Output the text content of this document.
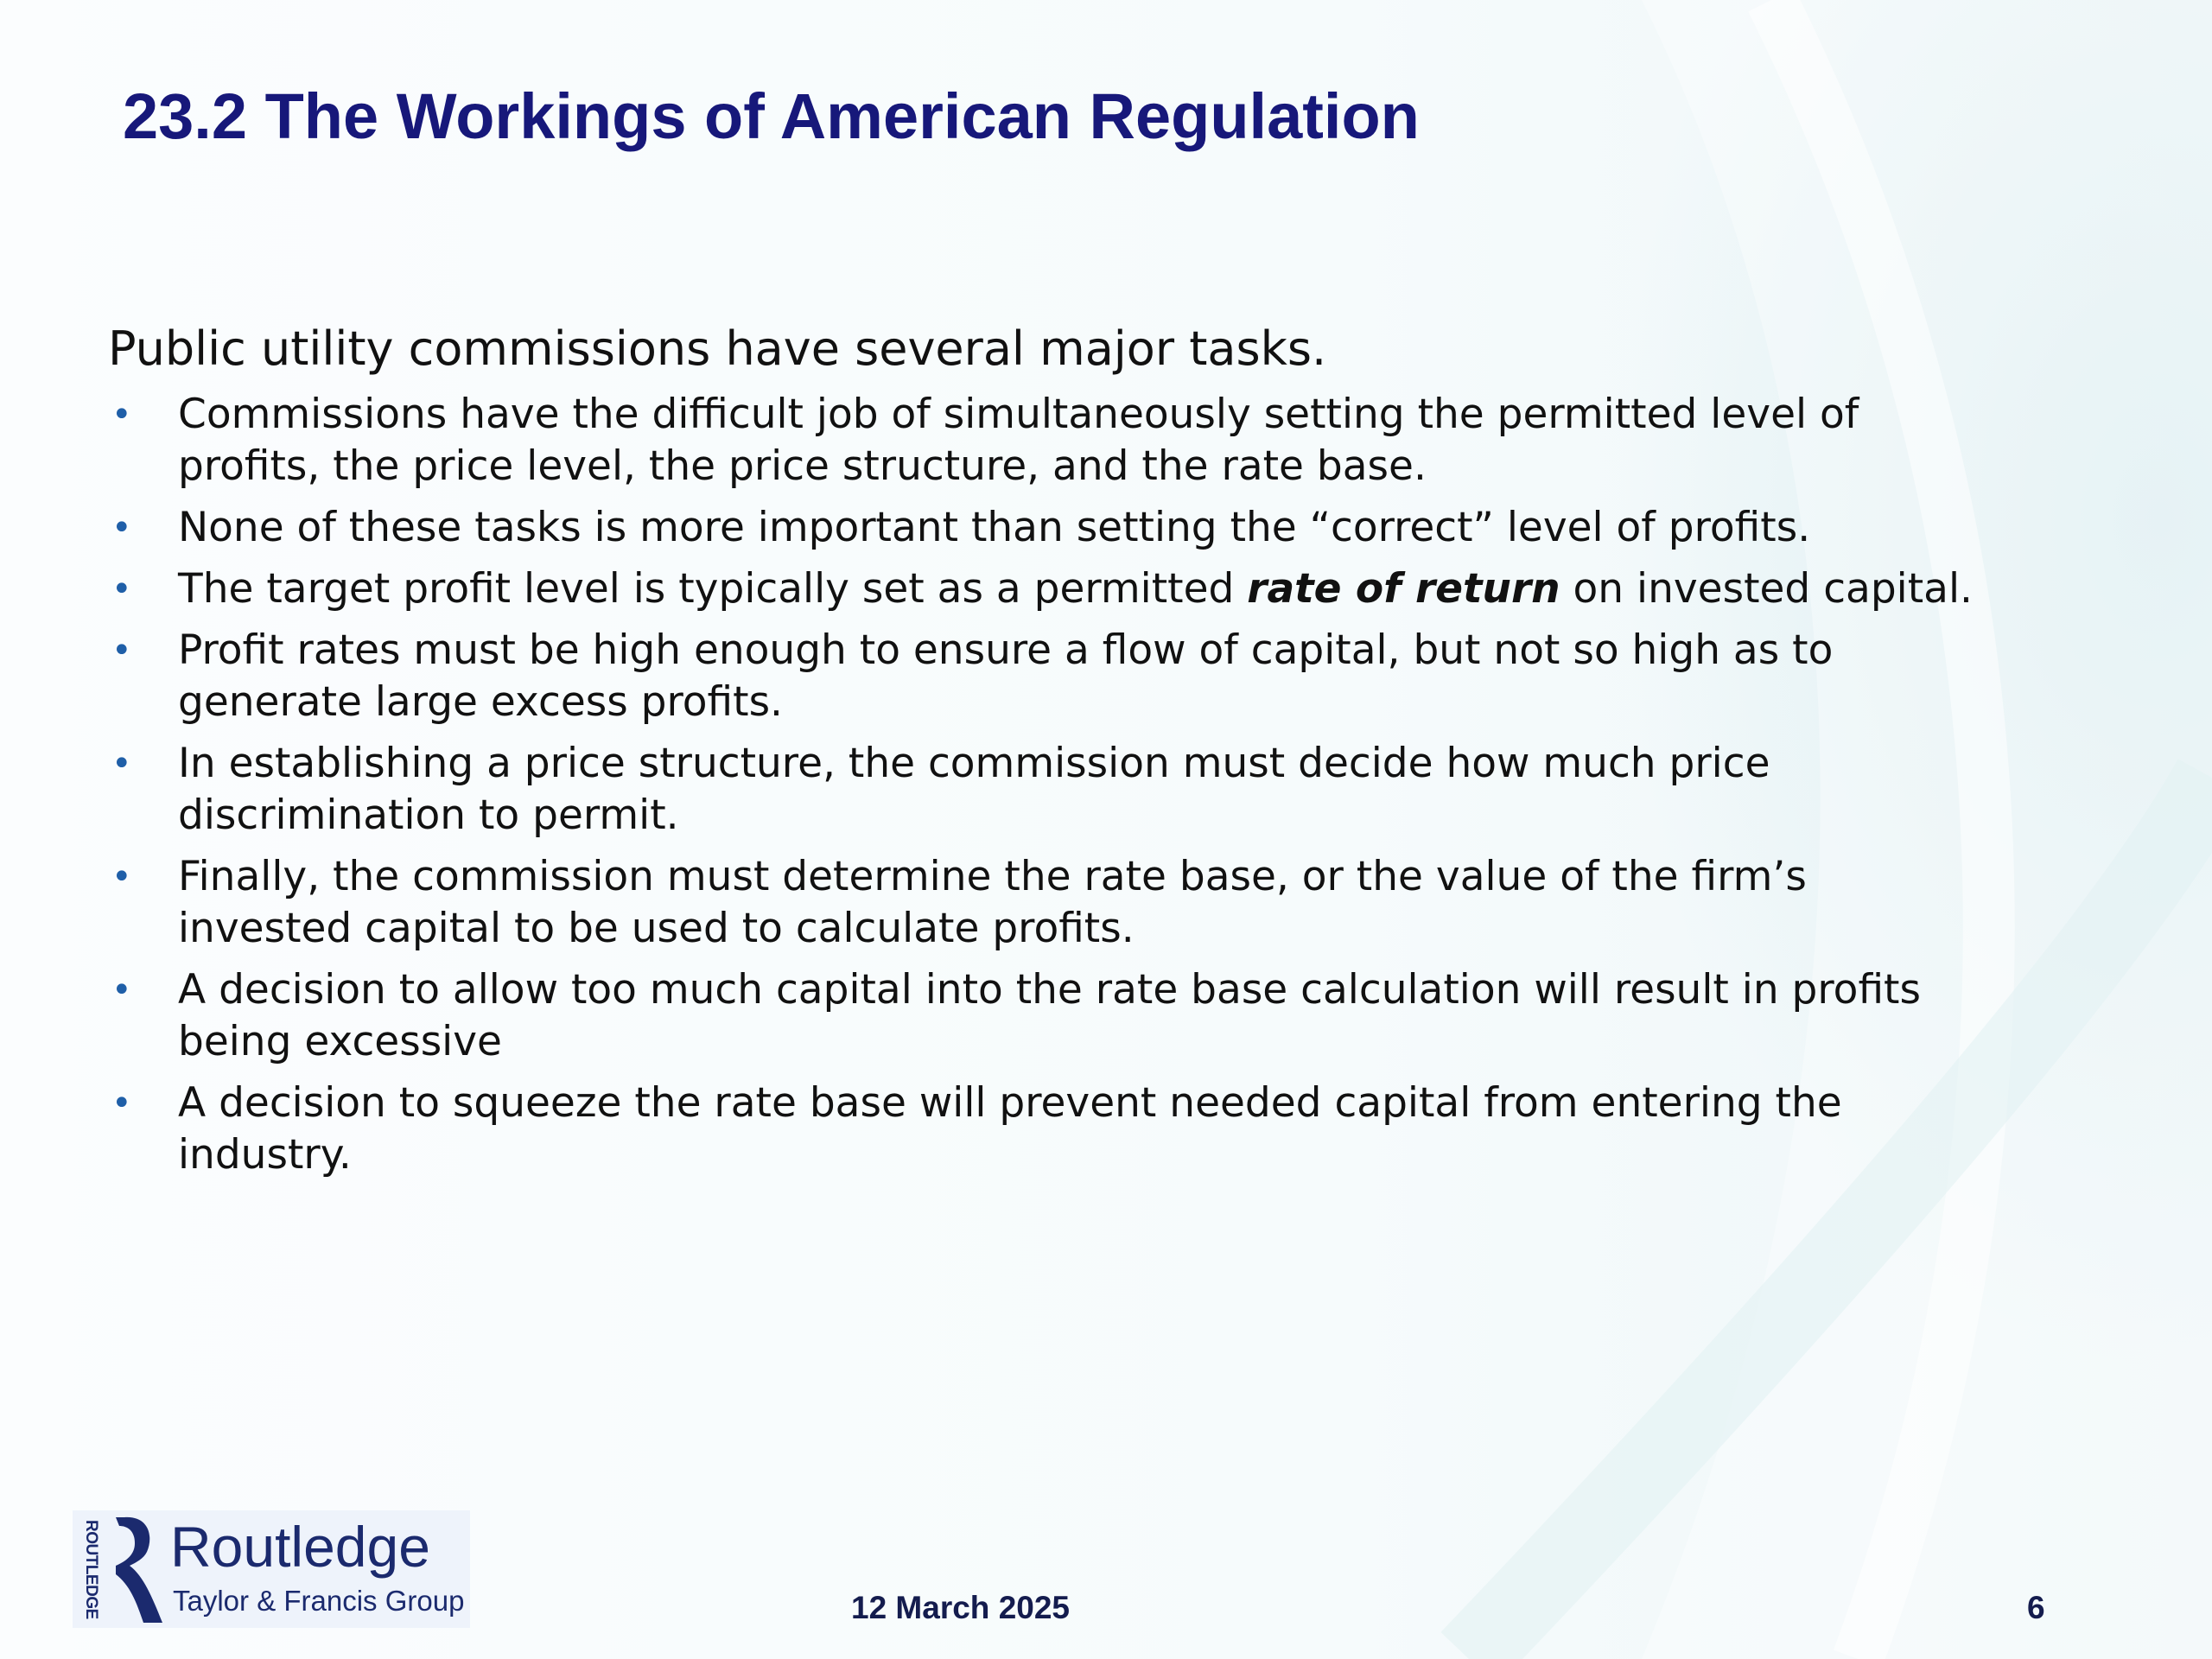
23.2 The Workings of American Regulation
Public utility commissions have several major tasks.
• Commissions have the difficult job of simultaneously setting the permitted level of profits, the price level, the price structure, and the rate base.
• None of these tasks is more important than setting the “correct” level of profits.
• The target profit level is typically set as a permitted rate of return on invested capital.
• Profit rates must be high enough to ensure a flow of capital, but not so high as to generate large excess profits.
• In establishing a price structure, the commission must decide how much price discrimination to permit.
• Finally, the commission must determine the rate base, or the value of the firm’s invested capital to be used to calculate profits.
• A decision to allow too much capital into the rate base calculation will result in profits being excessive
• A decision to squeeze the rate base will prevent needed capital from entering the industry.
ROUTLEDGE Routledge
Taylor & Francis Group	12 March 2025	6
